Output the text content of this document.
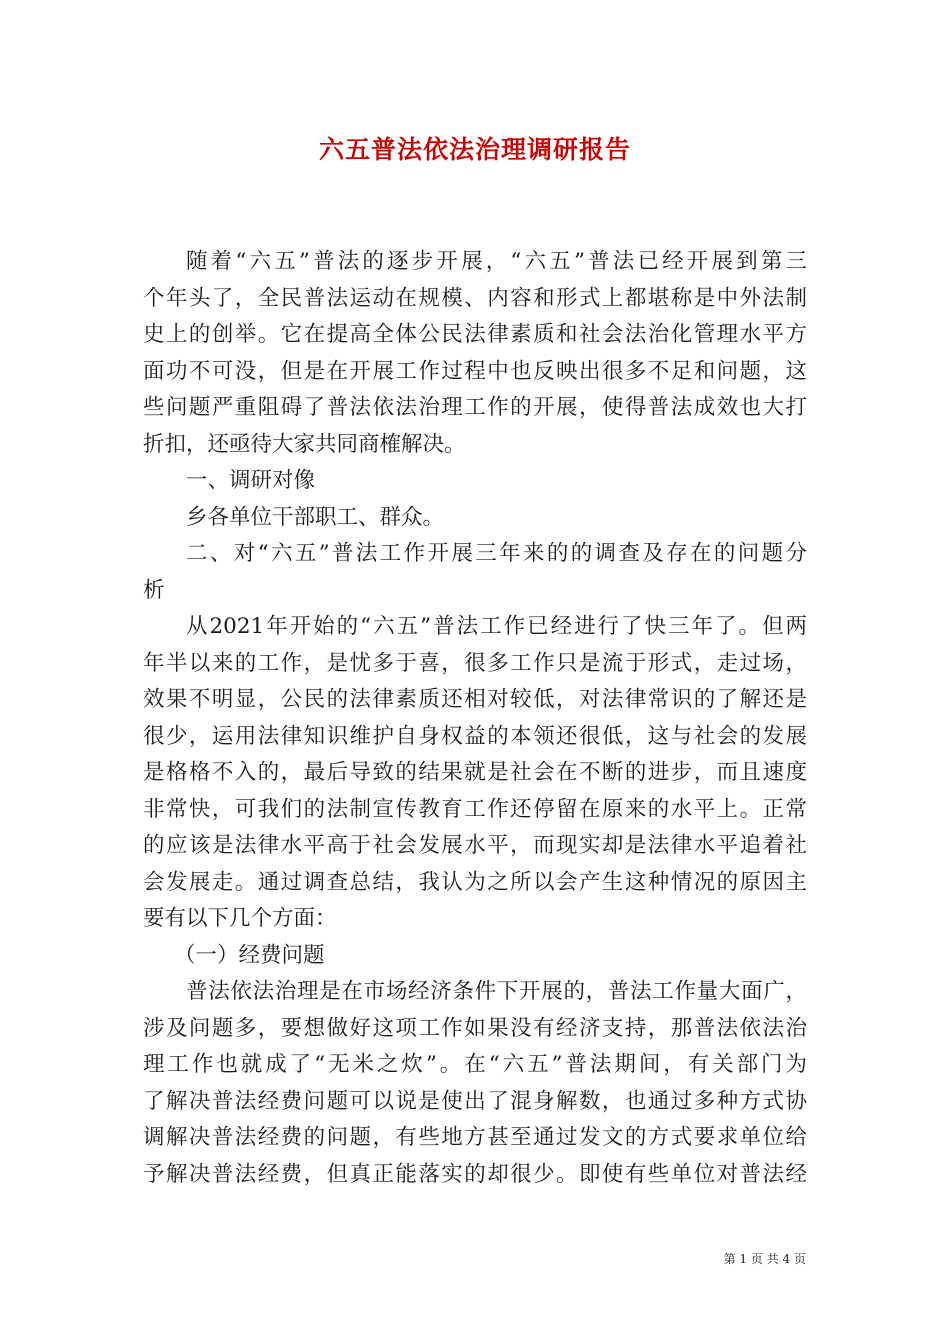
六五普法依法治理调研报告
随着“六五”普法的逐步开展，“六五”普法已经开展到第三
个年头了，全民普法运动在规模、内容和形式上都堪称是中外法制
史上的创举。它在提高全体公民法律素质和社会法治化管理水平方
面功不可没，但是在开展工作过程中也反映出很多不足和问题，这
些问题严重阻碍了普法依法治理工作的开展，使得普法成效也大打
折扣，还亟待大家共同商榷解决。
一、调研对像
乡各单位干部职工、群众。
二、对“六五”普法工作开展三年来的的调查及存在的问题分
析
从2021年开始的“六五”普法工作已经进行了快三年了。但两
年半以来的工作，是忧多于喜，很多工作只是流于形式，走过场，
效果不明显，公民的法律素质还相对较低，对法律常识的了解还是
很少，运用法律知识维护自身权益的本领还很低，这与社会的发展
是格格不入的，最后导致的结果就是社会在不断的进步，而且速度
非常快，可我们的法制宣传教育工作还停留在原来的水平上。正常
的应该是法律水平高于社会发展水平，而现实却是法律水平追着社
会发展走。通过调查总结，我认为之所以会产生这种情况的原因主
要有以下几个方面：
（一）经费问题
普法依法治理是在市场经济条件下开展的，普法工作量大面广，
涉及问题多，要想做好这项工作如果没有经济支持，那普法依法治
理工作也就成了“无米之炊”。在“六五”普法期间，有关部门为
了解决普法经费问题可以说是使出了混身解数，也通过多种方式协
调解决普法经费的问题，有些地方甚至通过发文的方式要求单位给
予解决普法经费，但真正能落实的却很少。即使有些单位对普法经
第 1 页 共 4 页
